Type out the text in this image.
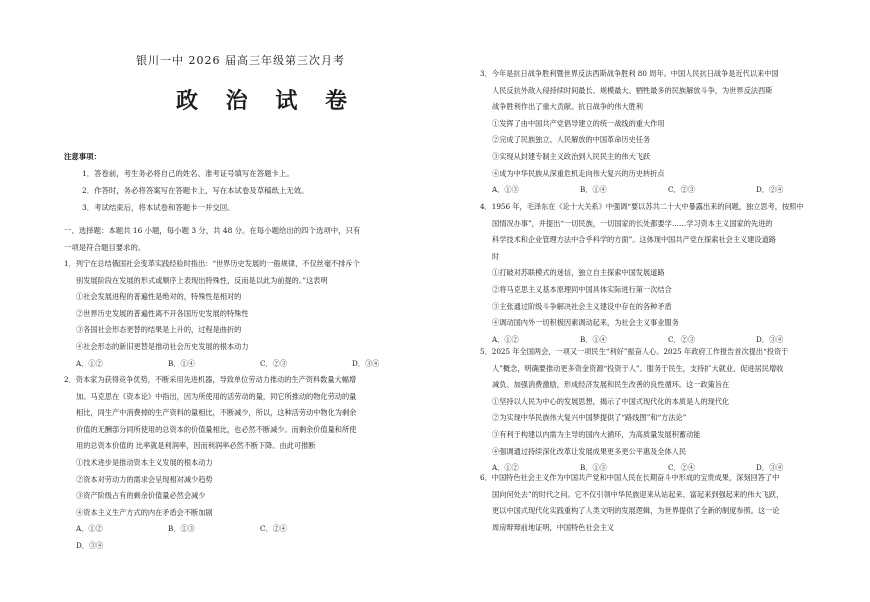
银川一中 2026 届高三年级第三次月考
政 治 试 卷
注意事项：
1．答卷前，考生务必将自己的姓名、准考证号填写在答题卡上。
2．作答时，务必将答案写在答题卡上，写在本试卷及草稿纸上无效。
3．考试结束后，将本试卷和答题卡一并交回。
一、选择题：本题共 16 小题，每小题 3 分，共 48 分。在每小题给出的四个选项中，只有
一项是符合题目要求的。
1．列宁在总结俄国社会变革实践经验时指出：“世界历史发展的一般规律，不仅丝毫不排斥个
别发展阶段在发展的形式或顺序上表现出特殊性，反而是以此为前提的。”这表明
①社会发展进程的普遍性是绝对的，特殊性是相对的
②世界历史发展的普遍性离不开各国历史发展的特殊性
③各国社会形态更替的结果是上升的，过程是曲折的
④社会形态的新旧更替是推动社会历史发展的根本动力
A．①②	B．①④	C．②③	D．③④
2．资本家为获得竞争优势，不断采用先进机器，导致单位劳动力推动的生产资料数量大幅增
加。马克思在《资本论》中指出，因为所使用的活劳动的量，同它所推动的物化劳动的量
相比，同生产中消费掉的生产资料的量相比，不断减少，所以，这种活劳动中物化为剩余
价值的无酬部分同所使用的总资本的价值量相比，也必然不断减少。而剩余价值量和所使
用的总资本价值的 比率就是利润率，因而利润率必然不断下降。由此可推断
①技术进步是推动资本主义发展的根本动力
②资本对劳动力的需求会呈现相对减少趋势
③资产阶级占有的剩余价值量必然会减少
④资本主义生产方式的内在矛盾会不断加剧
A．①②	B．①③	C．②④
D．③④
3．今年是抗日战争胜利暨世界反法西斯战争胜利 80 周年。中国人民抗日战争是近代以来中国
人民反抗外敌入侵持续时间最长、规模最大、牺牲最多的民族解放斗争，为世界反法西斯
战争胜利作出了重大贡献。抗日战争的伟大胜利
①发挥了由中国共产党倡导建立的统一战线的重大作用
②完成了民族独立、人民解放的中国革命历史任务
③实现从封建专制主义政治到人民民主的伟大飞跃
④成为中华民族从深重危机走向伟大复兴的历史转折点
A．①③	B．①④	C．②③	D．②④
4．1956 年，毛泽东在《论十大关系》中强调“要以苏共二十大中暴露出来的问题，独立思考，按照中
国情况办事”，并提出“一切民族，一切国家的长处都要学……学习资本主义国家的先进的
科学技术和企业管理方法中合乎科学的方面”。这体现中国共产党在探索社会主义建设道路
时
①打破对苏联模式的迷信，独立自主探索中国发展道路
②将马克思主义基本原理同中国具体实际进行第一次结合
③主张通过阶级斗争解决社会主义建设中存在的各种矛盾
④调动国内外一切积极因素调动起来，为社会主义事业服务
A．①②	B．①④	C．②③	D．③④
5．2025 年全国两会，一项又一项民生“利好”振奋人心。2025 年政府工作报告首次提出“投资于
人”概念，明确要推动更多资金资源“投资于人”、服务于民生，支持扩大就业、促进居民增收
减负、加强消费激励，形成经济发展和民生改善的良性循环。这一政策旨在
①坚持以人民为中心的发展思想，揭示了中国式现代化的本质是人的现代化
②为实现中华民族伟大复兴中国梦提供了“路线图”和“方法论”
③有利于构建以内需为主导的国内大循环，为高质量发展积蓄动能
④强调通过持续深化改革让发展成果更多更公平惠及全体人民
A．①②	B．①③	C．②④	D．③④
6．中国特色社会主义作为中国共产党和中国人民在长期奋斗中形成的宝贵成果，深刻回答了中
国向何处去”的时代之问。它不仅引领中华民族迎来从站起来、富起来到强起来的伟大飞跃，
更以中国式现代化实践重构了人类文明的发展逻辑，为世界提供了全新的制度参照。这一论
周房辩辩前地证明，中国特色社会主义
